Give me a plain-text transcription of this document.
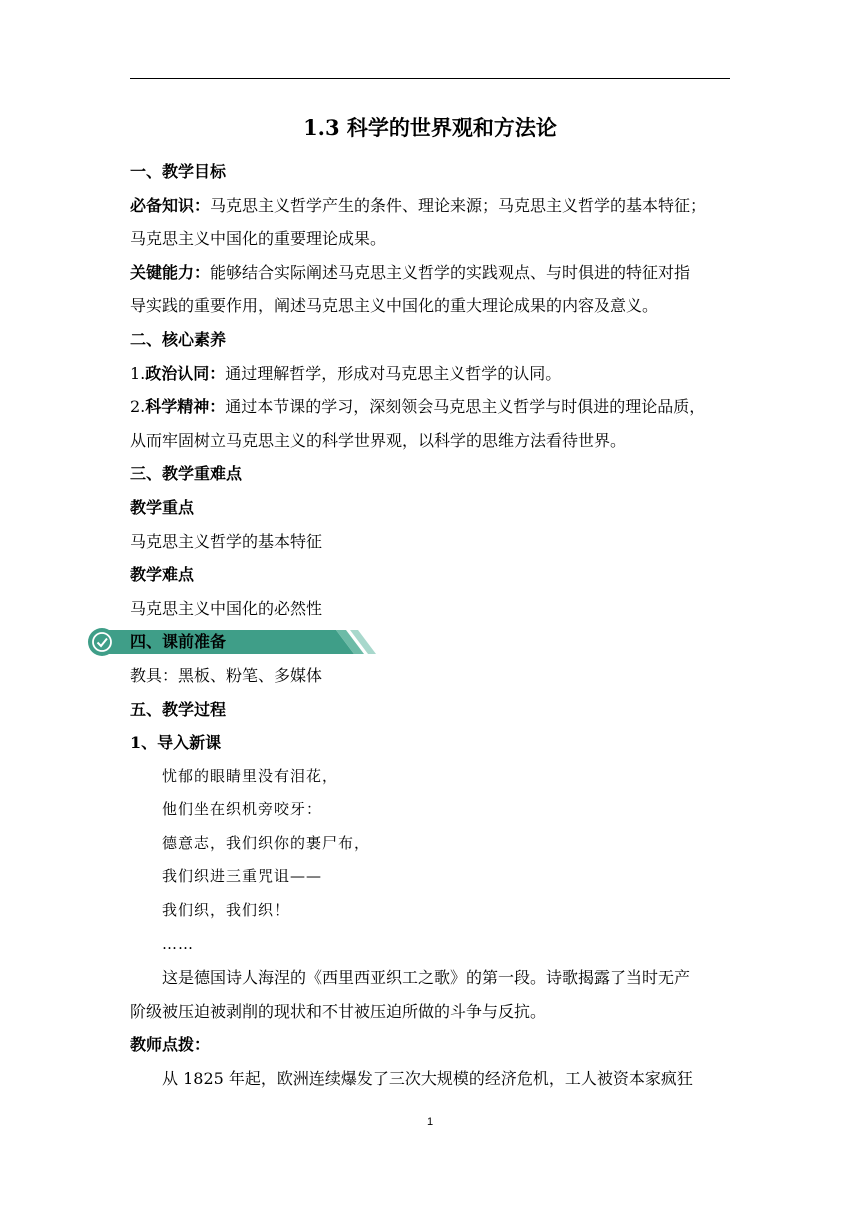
1.3 科学的世界观和方法论
一、教学目标
必备知识：马克思主义哲学产生的条件、理论来源；马克思主义哲学的基本特征；
马克思主义中国化的重要理论成果。
关键能力：能够结合实际阐述马克思主义哲学的实践观点、与时俱进的特征对指
导实践的重要作用，阐述马克思主义中国化的重大理论成果的内容及意义。
二、核心素养
1.政治认同：通过理解哲学，形成对马克思主义哲学的认同。
2.科学精神：通过本节课的学习，深刻领会马克思主义哲学与时俱进的理论品质，
从而牢固树立马克思主义的科学世界观，以科学的思维方法看待世界。
三、教学重难点
教学重点
马克思主义哲学的基本特征
教学难点
马克思主义中国化的必然性
四、课前准备
教具：黑板、粉笔、多媒体
五、教学过程
1、导入新课
忧郁的眼睛里没有泪花，
他们坐在织机旁咬牙：
德意志，我们织你的裹尸布，
我们织进三重咒诅——
我们织，我们织！
……
这是德国诗人海涅的《西里西亚织工之歌》的第一段。诗歌揭露了当时无产
阶级被压迫被剥削的现状和不甘被压迫所做的斗争与反抗。
教师点拨：
从 1825 年起，欧洲连续爆发了三次大规模的经济危机，工人被资本家疯狂
1
